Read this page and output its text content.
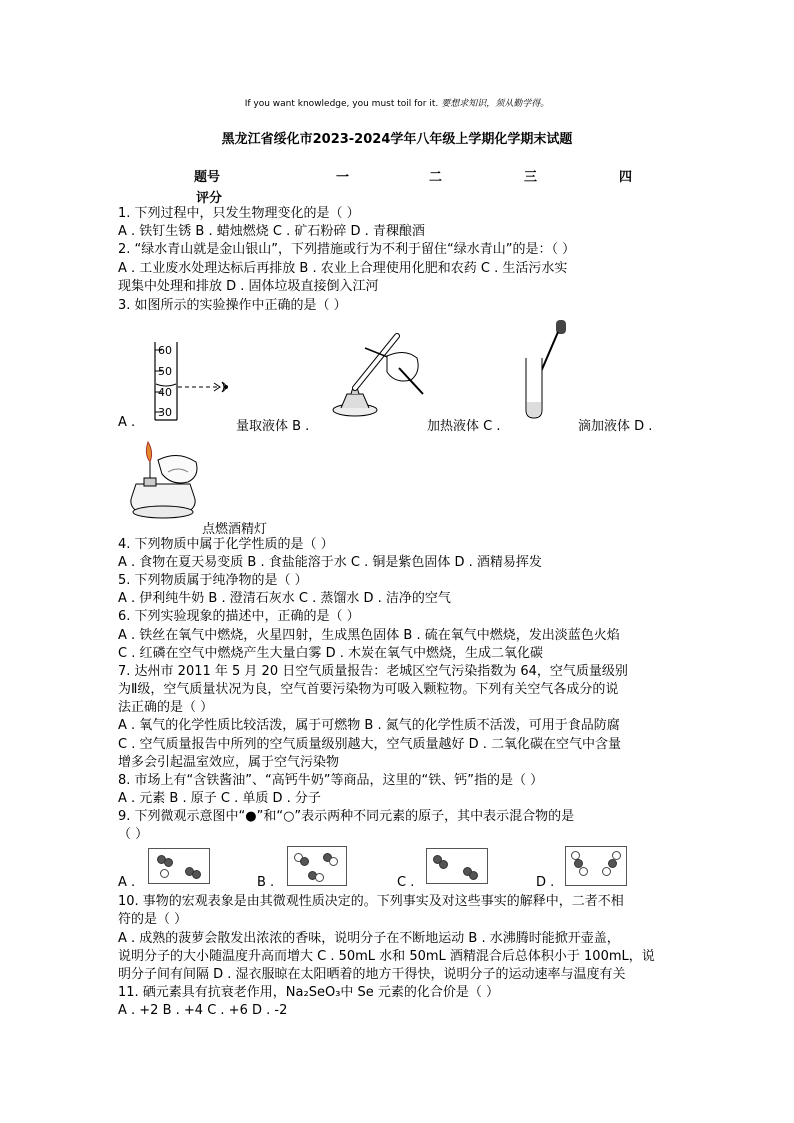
If you want knowledge, you must toil for it. 要想求知识，须从勤学得。
黑龙江省绥化市2023-2024学年八年级上学期化学期末试题
题号	一	二	三	四
评分
1. 下列过程中，只发生物理变化的是（ ）
A . 铁钉生锈 B . 蜡烛燃烧 C . 矿石粉碎 D . 青稞酿酒
2. “绿水青山就是金山银山”，下列措施或行为不利于留住“绿水青山”的是：（ ）
A . 工业废水处理达标后再排放 B . 农业上合理使用化肥和农药 C . 生活污水实
现集中处理和排放 D . 固体垃圾直接倒入江河
3. 如图所示的实验操作中正确的是（ ）
60
50
40
30
A .	量取液体 B .	加热液体 C .	滴加液体 D .
点燃酒精灯
4. 下列物质中属于化学性质的是（ ）
A . 食物在夏天易变质 B . 食盐能溶于水 C . 铜是紫色固体 D . 酒精易挥发
5. 下列物质属于纯净物的是（ ）
A . 伊利纯牛奶 B . 澄清石灰水 C . 蒸馏水 D . 洁净的空气
6. 下列实验现象的描述中，正确的是（ ）
A . 铁丝在氧气中燃烧，火星四射，生成黑色固体 B . 硫在氧气中燃烧，发出淡蓝色火焰
C . 红磷在空气中燃烧产生大量白雾 D . 木炭在氧气中燃烧，生成二氧化碳
7. 达州市 2011 年 5 月 20 日空气质量报告：老城区空气污染指数为 64，空气质量级别
为Ⅱ级，空气质量状况为良，空气首要污染物为可吸入颗粒物。下列有关空气各成分的说
法正确的是（ ）
A . 氧气的化学性质比较活泼，属于可燃物 B . 氮气的化学性质不活泼，可用于食品防腐
C . 空气质量报告中所列的空气质量级别越大，空气质量越好 D . 二氧化碳在空气中含量
增多会引起温室效应，属于空气污染物
8. 市场上有“含铁酱油”、“高钙牛奶”等商品，这里的“铁、钙”指的是（ ）
A . 元素 B . 原子 C . 单质 D . 分子
9. 下列微观示意图中“●”和“○”表示两种不同元素的原子，其中表示混合物的是
（ ）
A .	B .	C .	D .
10. 事物的宏观表象是由其微观性质决定的。下列事实及对这些事实的解释中，二者不相
符的是（ ）
A . 成熟的菠萝会散发出浓浓的香味，说明分子在不断地运动 B . 水沸腾时能掀开壶盖，
说明分子的大小随温度升高而增大 C . 50mL 水和 50mL 酒精混合后总体积小于 100mL，说
明分子间有间隔 D . 湿衣服晾在太阳晒着的地方干得快，说明分子的运动速率与温度有关
11. 硒元素具有抗衰老作用，Na₂SeO₃中 Se 元素的化合价是（ ）
A . +2 B . +4 C . +6 D . -2
